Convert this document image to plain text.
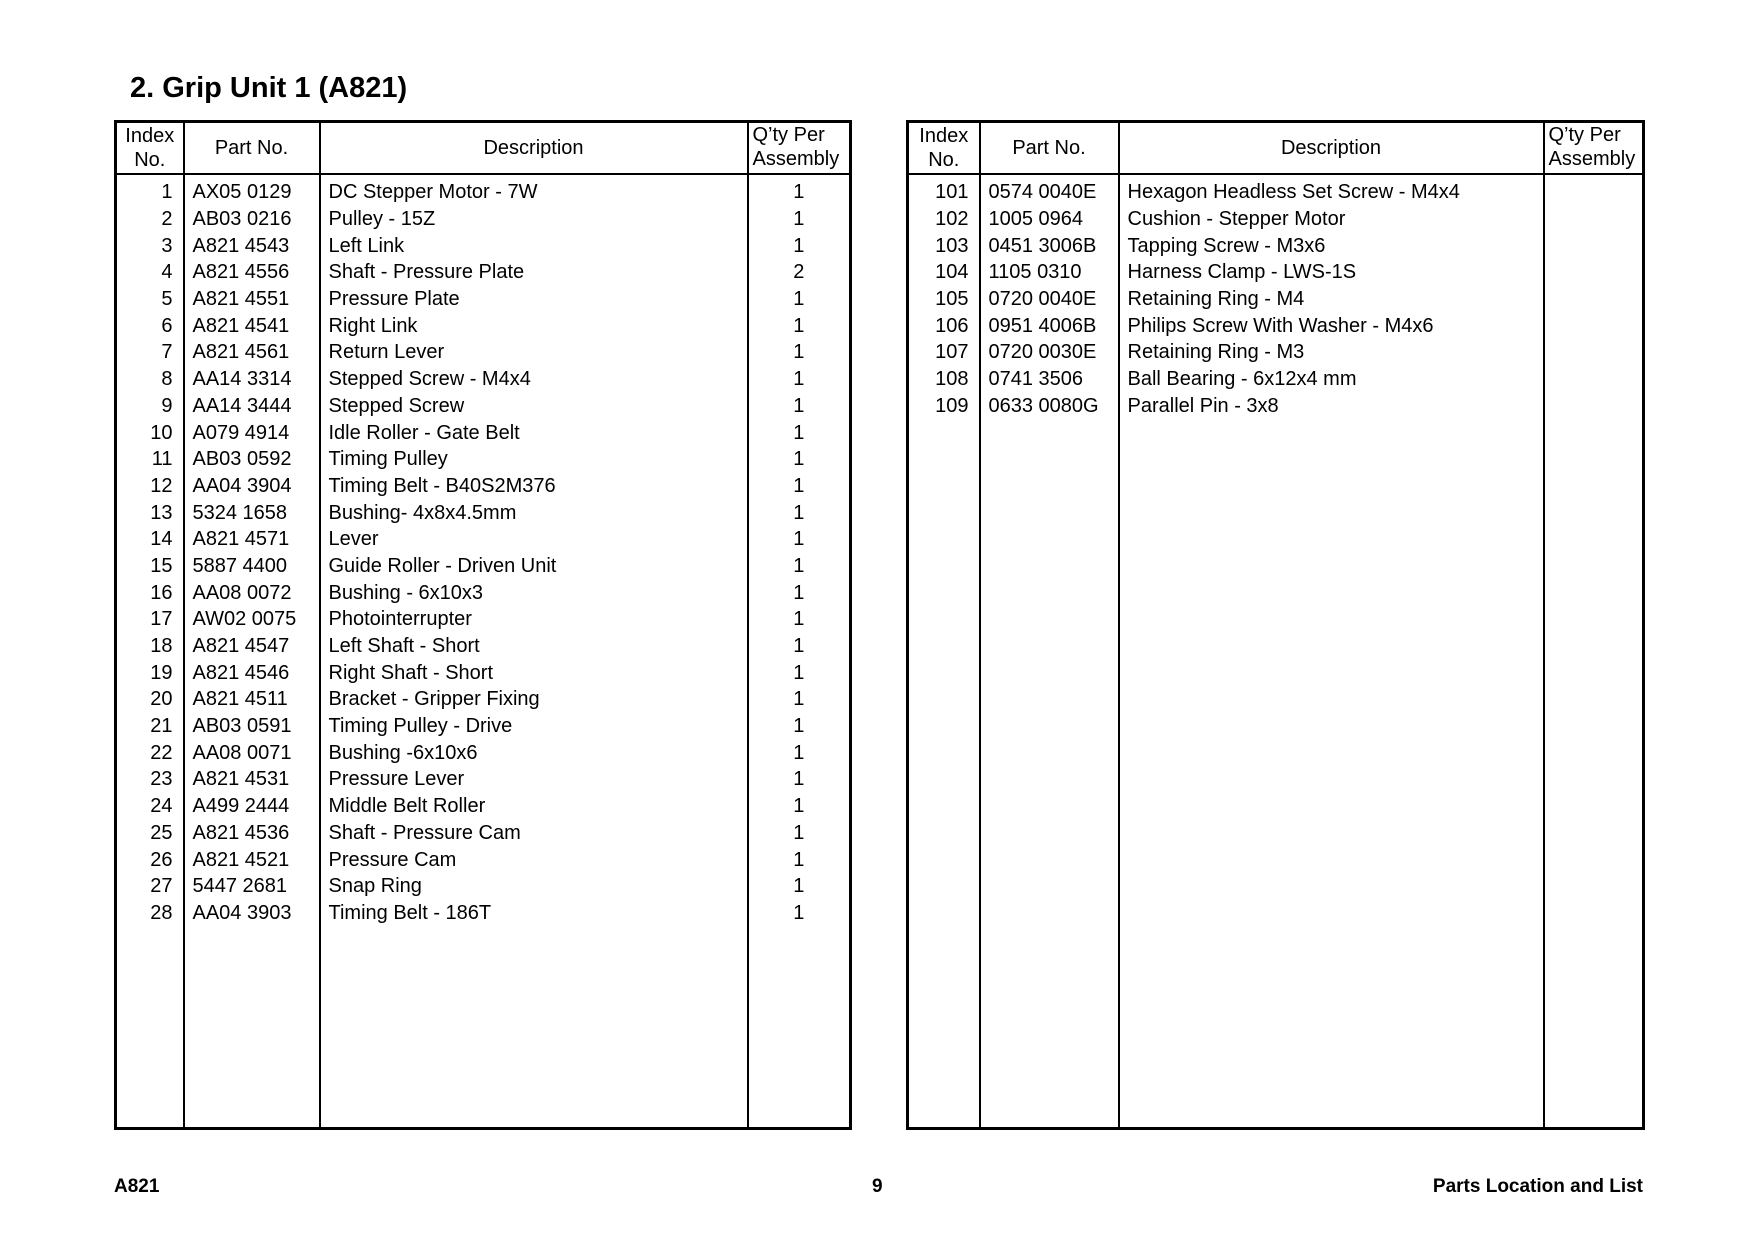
2. Grip Unit 1 (A821)
Index
No.	Part No.	Description	Q’ty Per
Assembly
1	AX05 0129	DC Stepper Motor - 7W	1
2	AB03 0216	Pulley - 15Z	1
3	A821 4543	Left Link	1
4	A821 4556	Shaft - Pressure Plate	2
5	A821 4551	Pressure Plate	1
6	A821 4541	Right Link	1
7	A821 4561	Return Lever	1
8	AA14 3314	Stepped Screw - M4x4	1
9	AA14 3444	Stepped Screw	1
10	A079 4914	Idle Roller - Gate Belt	1
11	AB03 0592	Timing Pulley	1
12	AA04 3904	Timing Belt - B40S2M376	1
13	5324 1658	Bushing- 4x8x4.5mm	1
14	A821 4571	Lever	1
15	5887 4400	Guide Roller - Driven Unit	1
16	AA08 0072	Bushing - 6x10x3	1
17	AW02 0075	Photointerrupter	1
18	A821 4547	Left Shaft - Short	1
19	A821 4546	Right Shaft - Short	1
20	A821 4511	Bracket - Gripper Fixing	1
21	AB03 0591	Timing Pulley - Drive	1
22	AA08 0071	Bushing -6x10x6	1
23	A821 4531	Pressure Lever	1
24	A499 2444	Middle Belt Roller	1
25	A821 4536	Shaft - Pressure Cam	1
26	A821 4521	Pressure Cam	1
27	5447 2681	Snap Ring	1
28	AA04 3903	Timing Belt - 186T	1

Index
No.	Part No.	Description	Q’ty Per
Assembly
101	0574 0040E	Hexagon Headless Set Screw - M4x4	
102	1005 0964	Cushion - Stepper Motor	
103	0451 3006B	Tapping Screw - M3x6	
104	1105 0310	Harness Clamp - LWS-1S	
105	0720 0040E	Retaining Ring - M4	
106	0951 4006B	Philips Screw With Washer - M4x6	
107	0720 0030E	Retaining Ring - M3	
108	0741 3506	Ball Bearing - 6x12x4 mm	
109	0633 0080G	Parallel Pin - 3x8	

A821	9	Parts Location and List
